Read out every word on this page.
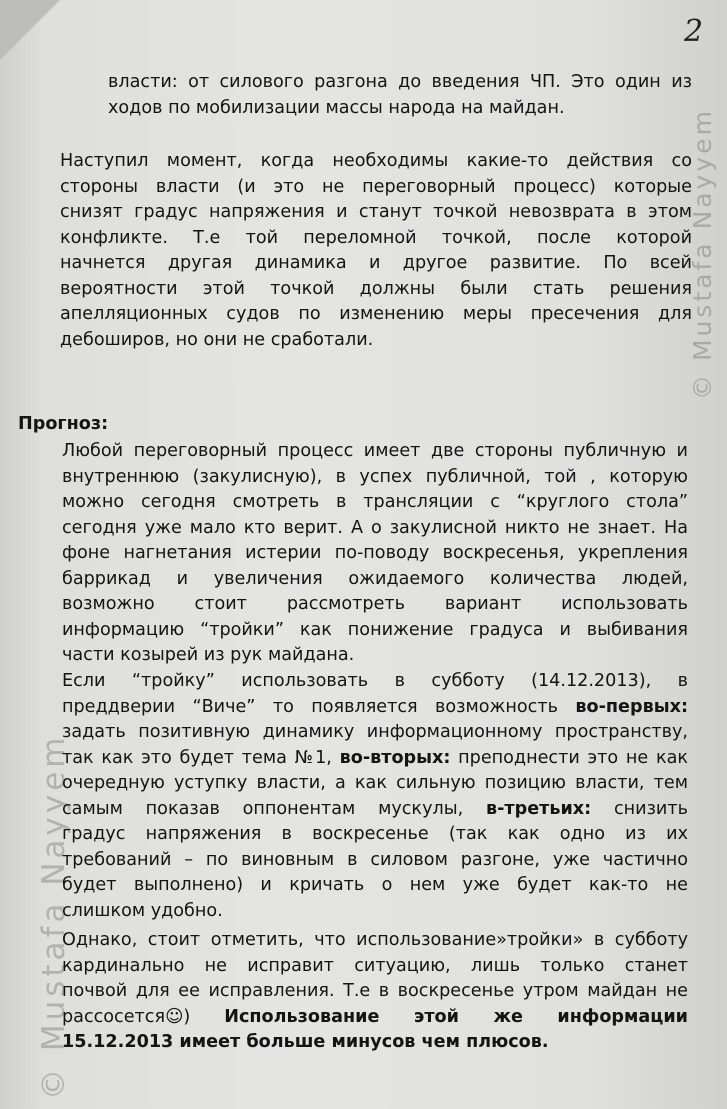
2
© Mustafa Nayyem
© Mustafa Nayyem
власти: от силового разгона до введения ЧП. Это один из
ходов по мобилизации массы народа на майдан.
Наступил момент, когда необходимы какие-то действия со
стороны власти (и это не переговорный процесс) которые
снизят градус напряжения и станут точкой невозврата в этом
конфликте. Т.е той переломной точкой, после которой
начнется другая динамика и другое развитие. По всей
вероятности этой точкой должны были стать решения
апелляционных судов по изменению меры пресечения для
дебоширов, но они не сработали.
Прогноз:
Любой переговорный процесс имеет две стороны публичную и
внутреннюю (закулисную), в успех публичной, той , которую
можно сегодня смотреть в трансляции с “круглого стола”
сегодня уже мало кто верит. А о закулисной никто не знает. На
фоне нагнетания истерии по-поводу воскресенья, укрепления
баррикад и увеличения ожидаемого количества людей,
возможно стоит рассмотреть вариант использовать
информацию “тройки” как понижение градуса и выбивания
части козырей из рук майдана.
Если “тройку” использовать в субботу (14.12.2013), в
преддверии “Виче” то появляется возможность во-первых:
задать позитивную динамику информационному пространству,
так как это будет тема №1, во-вторых: преподнести это не как
очередную уступку власти, а как сильную позицию власти, тем
самым показав оппонентам мускулы, в-третьих: снизить
градус напряжения в воскресенье (так как одно из их
требований – по виновным в силовом разгоне, уже частично
будет выполнено) и кричать о нем уже будет как-то не
слишком удобно.
Однако, стоит отметить, что использование»тройки» в субботу
кардинально не исправит ситуацию, лишь только станет
почвой для ее исправления. Т.е в воскресенье утром майдан не
рассосется☺) Использование этой же информации
15.12.2013 имеет больше минусов чем плюсов.
